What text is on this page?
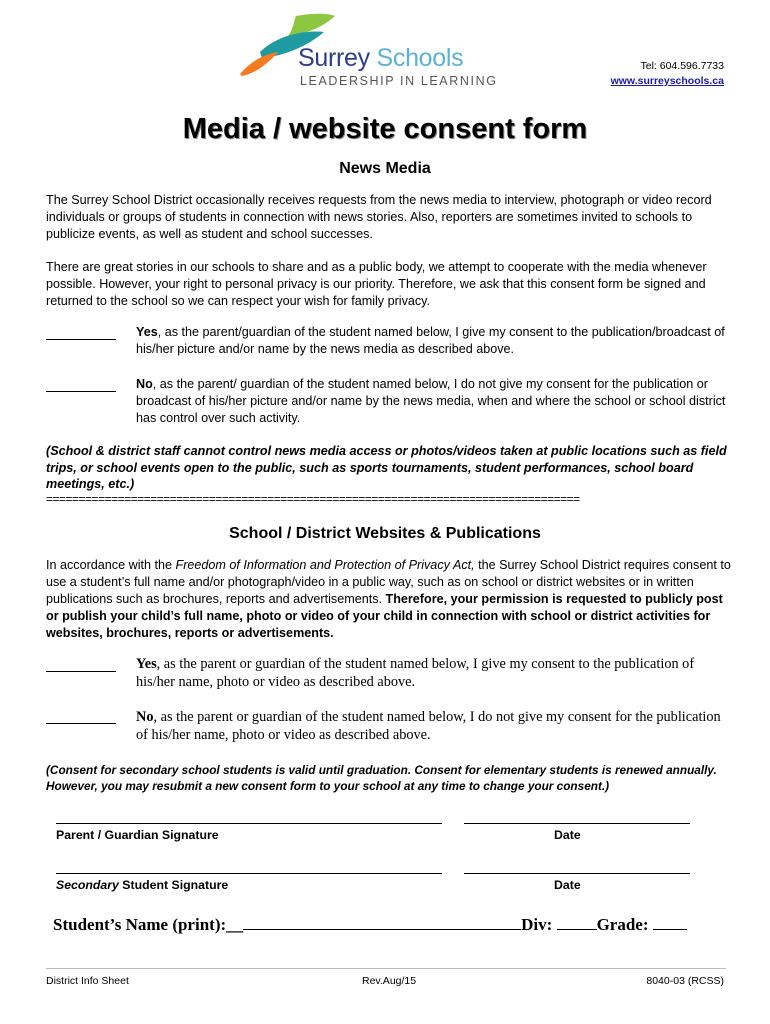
Surrey Schools
LEADERSHIP IN LEARNING
Tel: 604.596.7733
www.surreyschools.ca
Media / website consent form
News Media
The Surrey School District occasionally receives requests from the news media to interview, photograph or video record individuals or groups of students in connection with news stories. Also, reporters are sometimes invited to schools to publicize events, as well as student and school successes.
There are great stories in our schools to share and as a public body, we attempt to cooperate with the media whenever possible. However, your right to personal privacy is our priority. Therefore, we ask that this consent form be signed and returned to the school so we can respect your wish for family privacy.
Yes, as the parent/guardian of the student named below, I give my consent to the publication/broadcast of his/her picture and/or name by the news media as described above.
No, as the parent/ guardian of the student named below, I do not give my consent for the publication or broadcast of his/her picture and/or name by the news media, when and where the school or school district has control over such activity.
(School & district staff cannot control news media access or photos/videos taken at public locations such as field trips, or school events open to the public, such as sports tournaments, student performances, school board meetings, etc.)
==================================================================================
School / District Websites & Publications
In accordance with the Freedom of Information and Protection of Privacy Act, the Surrey School District requires consent to use a student’s full name and/or photograph/video in a public way, such as on school or district websites or in written publications such as brochures, reports and advertisements. Therefore, your permission is requested to publicly post or publish your child’s full name, photo or video of your child in connection with school or district activities for websites, brochures, reports or advertisements.
Yes, as the parent or guardian of the student named below, I give my consent to the publication of his/her name, photo or video as described above.
No, as the parent or guardian of the student named below, I do not give my consent for the publication of his/her name, photo or video as described above.
(Consent for secondary school students is valid until graduation. Consent for elementary students is renewed annually. However, you may resubmit a new consent form to your school at any time to change your consent.)
Parent / Guardian Signature	Date
Secondary Student Signature	Date
Student’s Name (print):__	Div: Grade:
District Info Sheet	Rev.Aug/15	8040-03 (RCSS)
